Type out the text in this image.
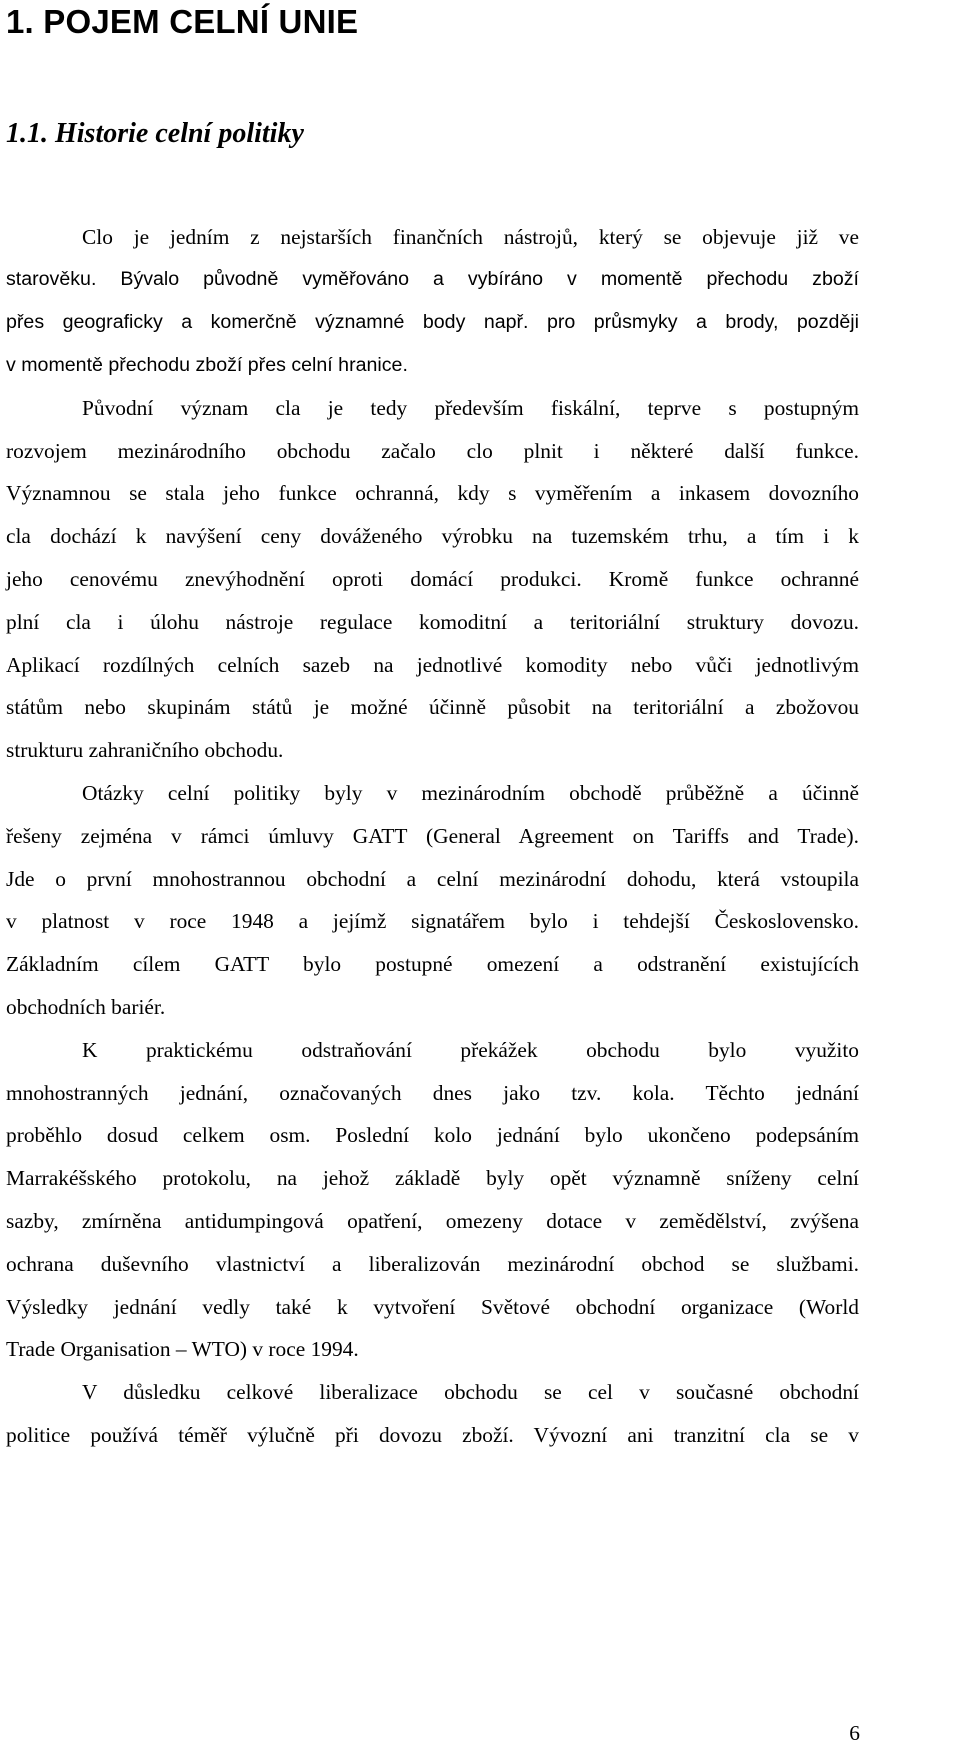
1. POJEM CELNÍ UNIE
1.1. Historie celní politiky
Clo je jedním z nejstarších finančních nástrojů, který se objevuje již ve
starověku. Bývalo původně vyměřováno a vybíráno v momentě přechodu zboží
přes geograficky a komerčně významné body např. pro průsmyky a brody, později
v momentě přechodu zboží přes celní hranice.
Původní význam cla je tedy především fiskální, teprve s postupným
rozvojem mezinárodního obchodu začalo clo plnit i některé další funkce.
Významnou se stala jeho funkce ochranná, kdy s vyměřením a inkasem dovozního
cla dochází k navýšení ceny dováženého výrobku na tuzemském trhu, a tím i k
jeho cenovému znevýhodnění oproti domácí produkci. Kromě funkce ochranné
plní cla i úlohu nástroje regulace komoditní a teritoriální struktury dovozu.
Aplikací rozdílných celních sazeb na jednotlivé komodity nebo vůči jednotlivým
státům nebo skupinám států je možné účinně působit na teritoriální a zbožovou
strukturu zahraničního obchodu.
Otázky celní politiky byly v mezinárodním obchodě průběžně a účinně
řešeny zejména v rámci úmluvy GATT (General Agreement on Tariffs and Trade).
Jde o první mnohostrannou obchodní a celní mezinárodní dohodu, která vstoupila
v platnost v roce 1948 a jejímž signatářem bylo i tehdejší Československo.
Základním cílem GATT bylo postupné omezení a odstranění existujících
obchodních bariér.
K praktickému odstraňování překážek obchodu bylo využito
mnohostranných jednání, označovaných dnes jako tzv. kola. Těchto jednání
proběhlo dosud celkem osm. Poslední kolo jednání bylo ukončeno podepsáním
Marrakéšského protokolu, na jehož základě byly opět významně sníženy celní
sazby, zmírněna antidumpingová opatření, omezeny dotace v zemědělství, zvýšena
ochrana duševního vlastnictví a liberalizován mezinárodní obchod se službami.
Výsledky jednání vedly také k vytvoření Světové obchodní organizace (World
Trade Organisation – WTO) v roce 1994.
V důsledku celkové liberalizace obchodu se cel v současné obchodní
politice používá téměř výlučně při dovozu zboží. Vývozní ani tranzitní cla se v
6
